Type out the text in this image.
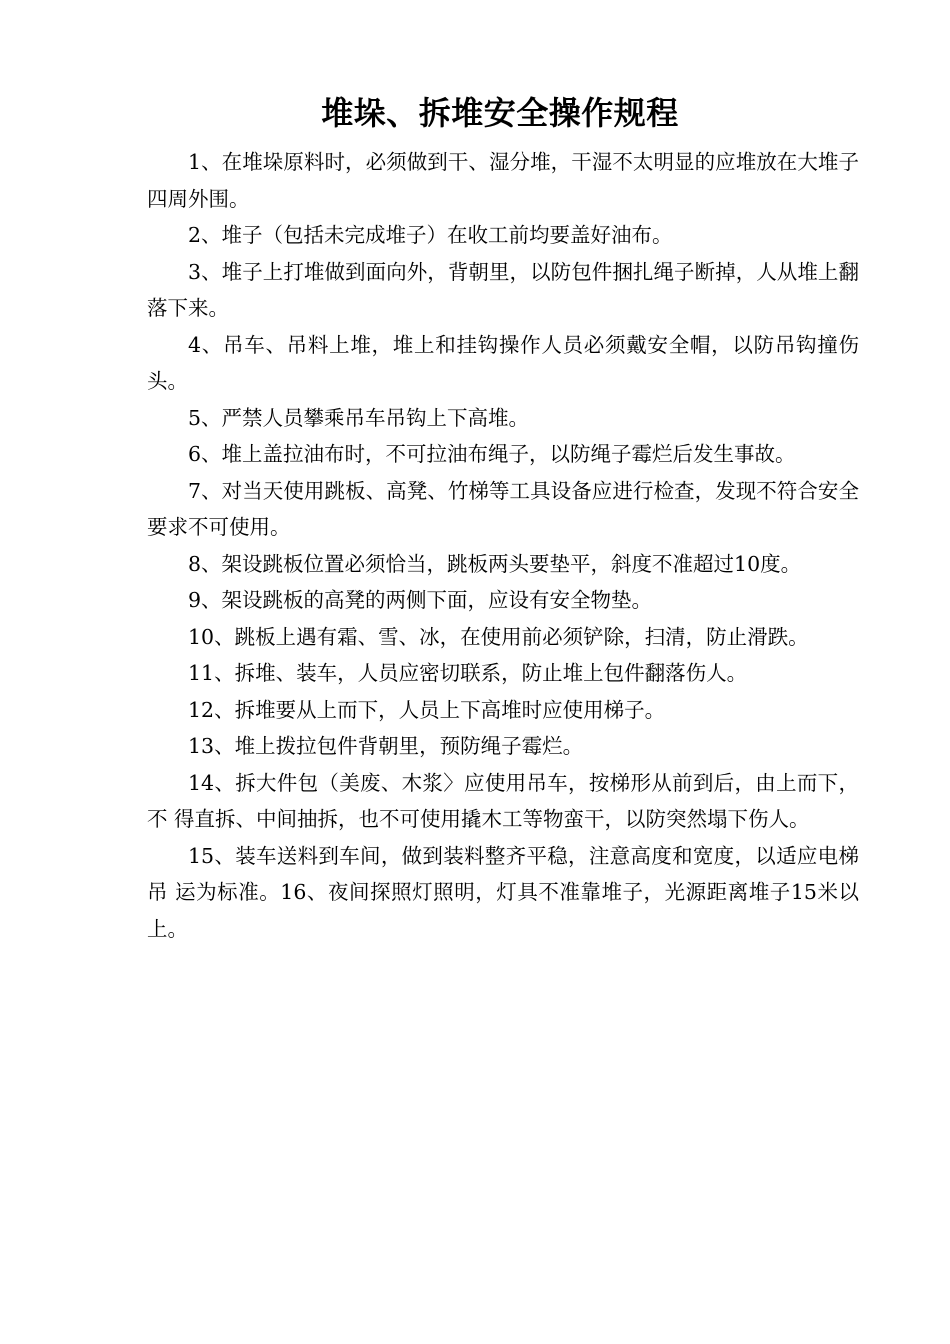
堆垛、拆堆安全操作规程

1、在堆垛原料时，必须做到干、湿分堆，干湿不太明显的应堆放在大堆子 四周外围。

2、堆子（包括未完成堆子）在收工前均要盖好油布。

3、堆子上打堆做到面向外，背朝里，以防包件捆扎绳子断掉，人从堆上翻 落下来。

4、吊车、吊料上堆，堆上和挂钩操作人员必须戴安全帽，以防吊钩撞伤头。

5、严禁人员攀乘吊车吊钩上下高堆。

6、堆上盖拉油布时，不可拉油布绳子，以防绳子霉烂后发生事故。

7、对当天使用跳板、高凳、竹梯等工具设备应进行检查，发现不符合安全 要求不可使用。

8、架设跳板位置必须恰当，跳板两头要垫平，斜度不准超过10度。

9、架设跳板的高凳的两侧下面，应设有安全物垫。

10、跳板上遇有霜、雪、冰，在使用前必须铲除，扫清，防止滑跌。

11、拆堆、装车，人员应密切联系，防止堆上包件翻落伤人。

12、拆堆要从上而下，人员上下高堆时应使用梯子。

13、堆上拨拉包件背朝里，预防绳子霉烂。

14、拆大件包（美废、木浆〉应使用吊车，按梯形从前到后，由上而下，不 得直拆、中间抽拆，也不可使用撬木工等物蛮干，以防突然塌下伤人。

15、装车送料到车间，做到装料整齐平稳，注意高度和宽度，以适应电梯吊 运为标准。16、夜间探照灯照明，灯具不准靠堆子，光源距离堆子15米以上。
